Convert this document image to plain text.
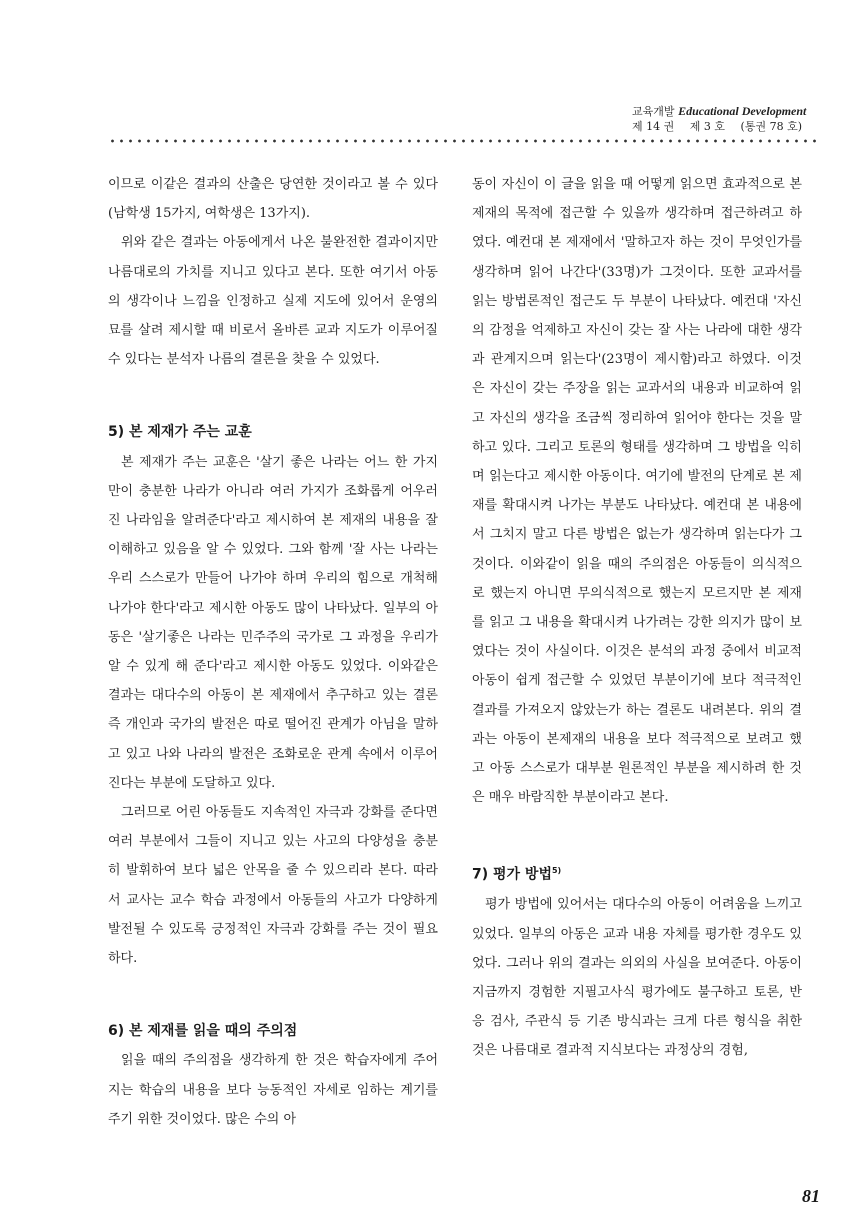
교육개발 Educational Development
제 14 권 제 3 호 (통권 78 호)

이므로 이같은 결과의 산출은 당연한 것이라고 볼 수 있다(남학생 15가지, 여학생은 13가지).

위와 같은 결과는 아동에게서 나온 불완전한 결과이지만 나름대로의 가치를 지니고 있다고 본다. 또한 여기서 아동의 생각이나 느낌을 인정하고 실제 지도에 있어서 운영의 묘를 살려 제시할 때 비로서 올바른 교과 지도가 이루어질 수 있다는 분석자 나름의 결론을 찾을 수 있었다.

5) 본 제재가 주는 교훈

본 제재가 주는 교훈은 '살기 좋은 나라는 어느 한 가지만이 충분한 나라가 아니라 여러 가지가 조화롭게 어우러진 나라임을 알려준다'라고 제시하여 본 제재의 내용을 잘 이해하고 있음을 알 수 있었다. 그와 함께 '잘 사는 나라는 우리 스스로가 만들어 나가야 하며 우리의 힘으로 개척해 나가야 한다'라고 제시한 아동도 많이 나타났다. 일부의 아동은 '살기좋은 나라는 민주주의 국가로 그 과정을 우리가 알 수 있게 해 준다'라고 제시한 아동도 있었다. 이와같은 결과는 대다수의 아동이 본 제재에서 추구하고 있는 결론 즉 개인과 국가의 발전은 따로 떨어진 관계가 아님을 말하고 있고 나와 나라의 발전은 조화로운 관계 속에서 이루어진다는 부분에 도달하고 있다.

그러므로 어린 아동들도 지속적인 자극과 강화를 준다면 여러 부분에서 그들이 지니고 있는 사고의 다양성을 충분히 발휘하여 보다 넓은 안목을 줄 수 있으리라 본다. 따라서 교사는 교수 학습 과정에서 아동들의 사고가 다양하게 발전될 수 있도록 긍정적인 자극과 강화를 주는 것이 필요하다.

6) 본 제재를 읽을 때의 주의점

읽을 때의 주의점을 생각하게 한 것은 학습자에게 주어지는 학습의 내용을 보다 능동적인 자세로 임하는 계기를 주기 위한 것이었다. 많은 수의 아

동이 자신이 이 글을 읽을 때 어떻게 읽으면 효과적으로 본 제재의 목적에 접근할 수 있을까 생각하며 접근하려고 하였다. 예컨대 본 제재에서 '말하고자 하는 것이 무엇인가를 생각하며 읽어 나간다'(33명)가 그것이다. 또한 교과서를 읽는 방법론적인 접근도 두 부분이 나타났다. 예컨대 '자신의 감정을 억제하고 자신이 갖는 잘 사는 나라에 대한 생각과 관계지으며 읽는다'(23명이 제시함)라고 하였다. 이것은 자신이 갖는 주장을 읽는 교과서의 내용과 비교하여 읽고 자신의 생각을 조금씩 정리하여 읽어야 한다는 것을 말하고 있다. 그리고 토론의 형태를 생각하며 그 방법을 익히며 읽는다고 제시한 아동이다. 여기에 발전의 단계로 본 제재를 확대시켜 나가는 부분도 나타났다. 예컨대 본 내용에서 그치지 말고 다른 방법은 없는가 생각하며 읽는다가 그것이다. 이와같이 읽을 때의 주의점은 아동들이 의식적으로 했는지 아니면 무의식적으로 했는지 모르지만 본 제재를 읽고 그 내용을 확대시켜 나가려는 강한 의지가 많이 보였다는 것이 사실이다. 이것은 분석의 과정 중에서 비교적 아동이 쉽게 접근할 수 있었던 부분이기에 보다 적극적인 결과를 가져오지 않았는가 하는 결론도 내려본다. 위의 결과는 아동이 본제재의 내용을 보다 적극적으로 보려고 했고 아동 스스로가 대부분 원론적인 부분을 제시하려 한 것은 매우 바람직한 부분이라고 본다.

7) 평가 방법$^{5)}$

평가 방법에 있어서는 대다수의 아동이 어려움을 느끼고 있었다. 일부의 아동은 교과 내용 자체를 평가한 경우도 있었다. 그러나 위의 결과는 의외의 사실을 보여준다. 아동이 지금까지 경험한 지필고사식 평가에도 불구하고 토론, 반응 검사, 주관식 등 기존 방식과는 크게 다른 형식을 취한 것은 나름대로 결과적 지식보다는 과정상의 경험,

81
